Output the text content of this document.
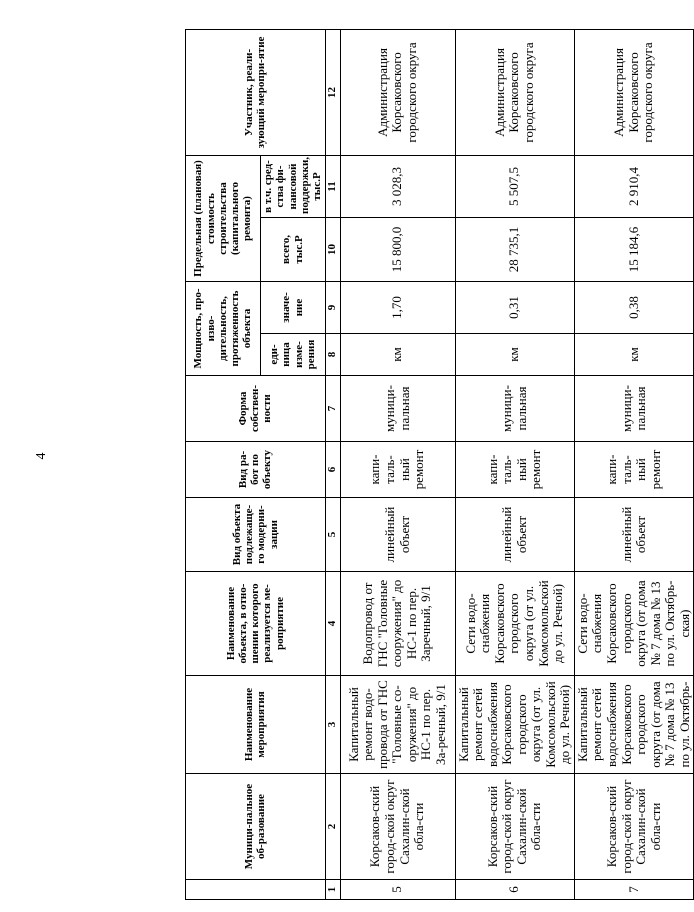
4
	Муници-пальное об-разование	Наименование мероприятия	Наименование объекта, в отно-шении которого реализуется ме-роприятие	Вид объекта подлежаще-го модерни-зации	Вид ра-бот по объекту	Форма собствен-ности	Мощность, про-изво-дительность, протяженность объекта		Предельная (плановая) стоимость строительства (капитального ремонта)		Участник, реали-зующий меропри-ятие
							еди-ница изме-рения	значе-ние	всего, тыс.Р	в т.ч. сред-ства фи-нансовой поддержки, тыс.Р	
1	2	3	4	5	6	7	8	9	10	11	12
5	Корсаков-ский город-ской округ Сахалин-ской обла-сти	Капитальный ремонт водо-провода от ГНС "Головные со-оружения" до НС-1 по пер. За-речный, 9/1	Водопровод от ГНС "Головные сооружения" до НС-1 по пер. Заречный, 9/1	линейный объект	капи-таль-ный ремонт	муници-пальная	км	1,70	15 800,0	3 028,3	Администрация Корсаковского городского округа
6	Корсаков-ский город-ской округ Сахалин-ской обла-сти	Капитальный ремонт сетей водоснабжения Корсаковского городского округа (от ул. Комсомольской до ул. Речной)	Сети водо-снабжения Корсаковского городского округа (от ул. Комсомольской до ул. Речной)	линейный объект	капи-таль-ный ремонт	муници-пальная	км	0,31	28 735,1	5 507,5	Администрация Корсаковского городского округа
7	Корсаков-ский город-ской округ Сахалин-ской обла-сти	Капитальный ремонт сетей водоснабжения Корсаковского городского округа (от дома № 7 дома № 13 по ул. Октябрь-	Сети водо-снабжения Корсаковского городского округа (от дома № 7 дома № 13 по ул. Октябрь-ская)	линейный объект	капи-таль-ный ремонт	муници-пальная	км	0,38	15 184,6	2 910,4	Администрация Корсаковского городского округа
